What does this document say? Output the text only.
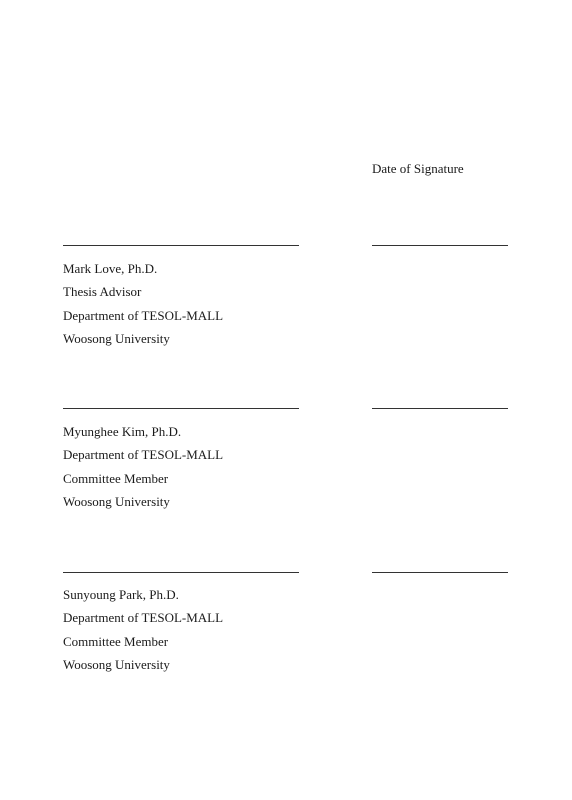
Date of Signature
Mark Love, Ph.D.
Thesis Advisor
Department of TESOL-MALL
Woosong University
Myunghee Kim, Ph.D.
Department of TESOL-MALL
Committee Member
Woosong University
Sunyoung Park, Ph.D.
Department of TESOL-MALL
Committee Member
Woosong University
